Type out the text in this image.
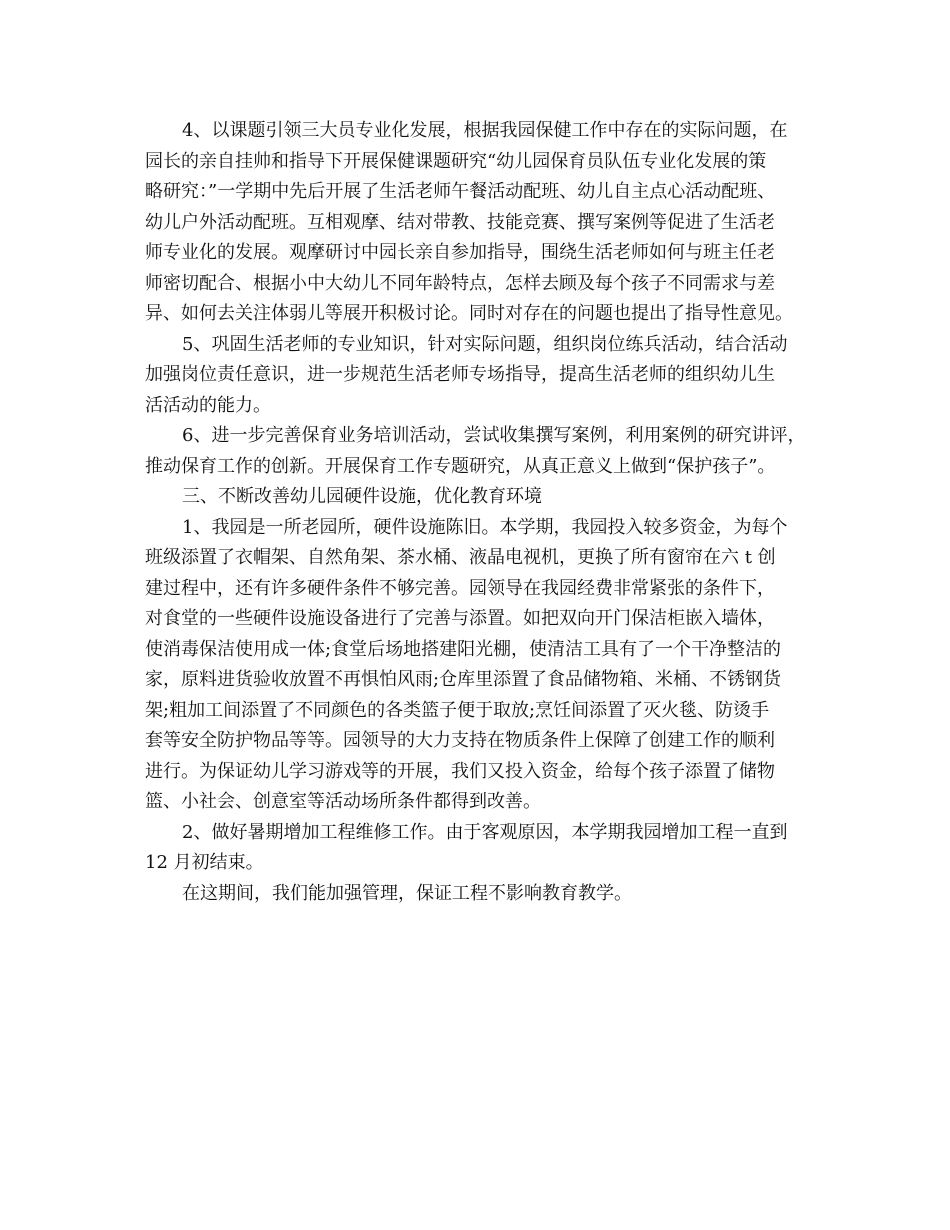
4、以课题引领三大员专业化发展，根据我园保健工作中存在的实际问题，在
园长的亲自挂帅和指导下开展保健课题研究“幼儿园保育员队伍专业化发展的策
略研究：”一学期中先后开展了生活老师午餐活动配班、幼儿自主点心活动配班、
幼儿户外活动配班。互相观摩、结对带教、技能竞赛、撰写案例等促进了生活老
师专业化的发展。观摩研讨中园长亲自参加指导，围绕生活老师如何与班主任老
师密切配合、根据小中大幼儿不同年龄特点，怎样去顾及每个孩子不同需求与差
异、如何去关注体弱儿等展开积极讨论。同时对存在的问题也提出了指导性意见。
5、巩固生活老师的专业知识，针对实际问题，组织岗位练兵活动，结合活动
加强岗位责任意识，进一步规范生活老师专场指导，提高生活老师的组织幼儿生
活活动的能力。
6、进一步完善保育业务培训活动，尝试收集撰写案例，利用案例的研究讲评，
推动保育工作的创新。开展保育工作专题研究，从真正意义上做到“保护孩子”。
三、不断改善幼儿园硬件设施，优化教育环境
1、我园是一所老园所，硬件设施陈旧。本学期，我园投入较多资金，为每个
班级添置了衣帽架、自然角架、茶水桶、液晶电视机，更换了所有窗帘在六 t 创
建过程中，还有许多硬件条件不够完善。园领导在我园经费非常紧张的条件下，
对食堂的一些硬件设施设备进行了完善与添置。如把双向开门保洁柜嵌入墙体，
使消毒保洁使用成一体;食堂后场地搭建阳光棚，使清洁工具有了一个干净整洁的
家，原料进货验收放置不再惧怕风雨;仓库里添置了食品储物箱、米桶、不锈钢货
架;粗加工间添置了不同颜色的各类篮子便于取放;烹饪间添置了灭火毯、防烫手
套等安全防护物品等等。园领导的大力支持在物质条件上保障了创建工作的顺利
进行。为保证幼儿学习游戏等的开展，我们又投入资金，给每个孩子添置了储物
篮、小社会、创意室等活动场所条件都得到改善。
2、做好暑期增加工程维修工作。由于客观原因，本学期我园增加工程一直到
12 月初结束。
在这期间，我们能加强管理，保证工程不影响教育教学。
